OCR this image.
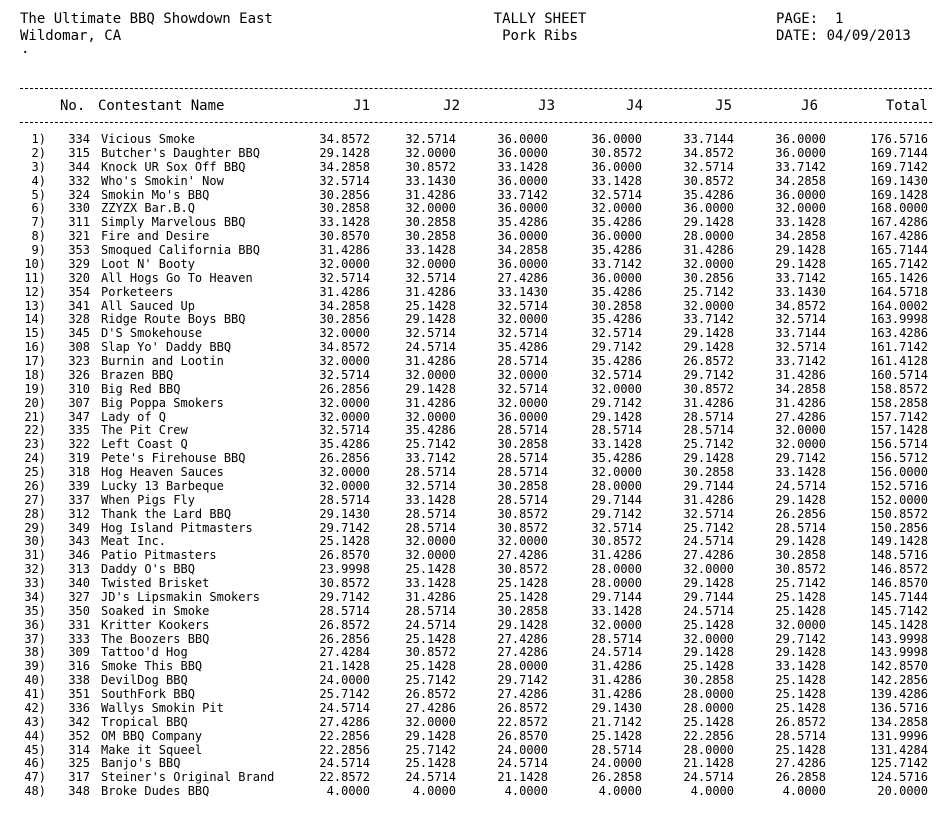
The Ultimate BBQ Showdown East
Wildomar, CA
.
TALLY SHEET
Pork Ribs
PAGE:  1
DATE: 04/09/2013
No. Contestant Name	J1	J2	J3	J4	J5	J6	Total
1)	334 Vicious Smoke	34.8572	32.5714	36.0000	36.0000	33.7144	36.0000	176.5716
2)	315 Butcher's Daughter BBQ	29.1428	32.0000	36.0000	30.8572	34.8572	36.0000	169.7144
3)	344 Knock UR Sox Off BBQ	34.2858	30.8572	33.1428	36.0000	32.5714	33.7142	169.7142
4)	332 Who's Smokin' Now	32.5714	33.1430	36.0000	33.1428	30.8572	34.2858	169.1430
5)	324 Smokin Mo's BBQ	30.2856	31.4286	33.7142	32.5714	35.4286	36.0000	169.1428
6)	330 ZZYZX Bar.B.Q	30.2858	32.0000	36.0000	32.0000	36.0000	32.0000	168.0000
7)	311 Simply Marvelous BBQ	33.1428	30.2858	35.4286	35.4286	29.1428	33.1428	167.4286
8)	321 Fire and Desire	30.8570	30.2858	36.0000	36.0000	28.0000	34.2858	167.4286
9)	353 Smoqued California BBQ	31.4286	33.1428	34.2858	35.4286	31.4286	29.1428	165.7144
10)	329 Loot N' Booty	32.0000	32.0000	36.0000	33.7142	32.0000	29.1428	165.7142
11)	320 All Hogs Go To Heaven	32.5714	32.5714	27.4286	36.0000	30.2856	33.7142	165.1426
12)	354 Porketeers	31.4286	31.4286	33.1430	35.4286	25.7142	33.1430	164.5718
13)	341 All Sauced Up	34.2858	25.1428	32.5714	30.2858	32.0000	34.8572	164.0002
14)	328 Ridge Route Boys BBQ	30.2856	29.1428	32.0000	35.4286	33.7142	32.5714	163.9998
15)	345 D'S Smokehouse	32.0000	32.5714	32.5714	32.5714	29.1428	33.7144	163.4286
16)	308 Slap Yo' Daddy BBQ	34.8572	24.5714	35.4286	29.7142	29.1428	32.5714	161.7142
17)	323 Burnin and Lootin	32.0000	31.4286	28.5714	35.4286	26.8572	33.7142	161.4128
18)	326 Brazen BBQ	32.5714	32.0000	32.0000	32.5714	29.7142	31.4286	160.5714
19)	310 Big Red BBQ	26.2856	29.1428	32.5714	32.0000	30.8572	34.2858	158.8572
20)	307 Big Poppa Smokers	32.0000	31.4286	32.0000	29.7142	31.4286	31.4286	158.2858
21)	347 Lady of Q	32.0000	32.0000	36.0000	29.1428	28.5714	27.4286	157.7142
22)	335 The Pit Crew	32.5714	35.4286	28.5714	28.5714	28.5714	32.0000	157.1428
23)	322 Left Coast Q	35.4286	25.7142	30.2858	33.1428	25.7142	32.0000	156.5714
24)	319 Pete's Firehouse BBQ	26.2856	33.7142	28.5714	35.4286	29.1428	29.7142	156.5712
25)	318 Hog Heaven Sauces	32.0000	28.5714	28.5714	32.0000	30.2858	33.1428	156.0000
26)	339 Lucky 13 Barbeque	32.0000	32.5714	30.2858	28.0000	29.7144	24.5714	152.5716
27)	337 When Pigs Fly	28.5714	33.1428	28.5714	29.7144	31.4286	29.1428	152.0000
28)	312 Thank the Lard BBQ	29.1430	28.5714	30.8572	29.7142	32.5714	26.2856	150.8572
29)	349 Hog Island Pitmasters	29.7142	28.5714	30.8572	32.5714	25.7142	28.5714	150.2856
30)	343 Meat Inc.	25.1428	32.0000	32.0000	30.8572	24.5714	29.1428	149.1428
31)	346 Patio Pitmasters	26.8570	32.0000	27.4286	31.4286	27.4286	30.2858	148.5716
32)	313 Daddy O's BBQ	23.9998	25.1428	30.8572	28.0000	32.0000	30.8572	146.8572
33)	340 Twisted Brisket	30.8572	33.1428	25.1428	28.0000	29.1428	25.7142	146.8570
34)	327 JD's Lipsmakin Smokers	29.7142	31.4286	25.1428	29.7144	29.7144	25.1428	145.7144
35)	350 Soaked in Smoke	28.5714	28.5714	30.2858	33.1428	24.5714	25.1428	145.7142
36)	331 Kritter Kookers	26.8572	24.5714	29.1428	32.0000	25.1428	32.0000	145.1428
37)	333 The Boozers BBQ	26.2856	25.1428	27.4286	28.5714	32.0000	29.7142	143.9998
38)	309 Tattoo'd Hog	27.4284	30.8572	27.4286	24.5714	29.1428	29.1428	143.9998
39)	316 Smoke This BBQ	21.1428	25.1428	28.0000	31.4286	25.1428	33.1428	142.8570
40)	338 DevilDog BBQ	24.0000	25.7142	29.7142	31.4286	30.2858	25.1428	142.2856
41)	351 SouthFork BBQ	25.7142	26.8572	27.4286	31.4286	28.0000	25.1428	139.4286
42)	336 Wallys Smokin Pit	24.5714	27.4286	26.8572	29.1430	28.0000	25.1428	136.5716
43)	342 Tropical BBQ	27.4286	32.0000	22.8572	21.7142	25.1428	26.8572	134.2858
44)	352 OM BBQ Company	22.2856	29.1428	26.8570	25.1428	22.2856	28.5714	131.9996
45)	314 Make it Squeel	22.2856	25.7142	24.0000	28.5714	28.0000	25.1428	131.4284
46)	325 Banjo's BBQ	24.5714	25.1428	24.5714	24.0000	21.1428	27.4286	125.7142
47)	317 Steiner's Original Brand	22.8572	24.5714	21.1428	26.2858	24.5714	26.2858	124.5716
48)	348 Broke Dudes BBQ	4.0000	4.0000	4.0000	4.0000	4.0000	4.0000	20.0000
